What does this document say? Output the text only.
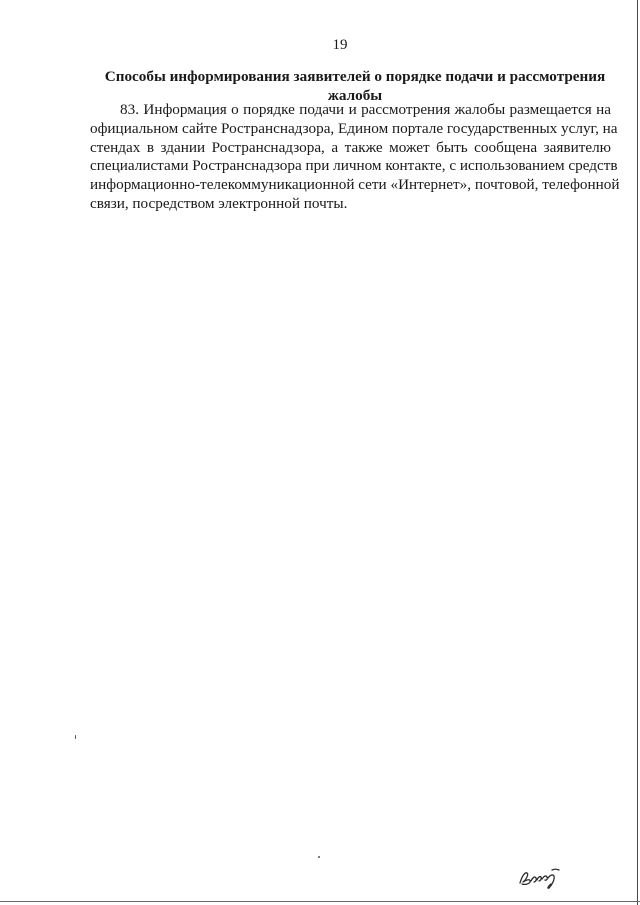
19
Способы информирования заявителей о порядке подачи и рассмотрения
жалобы
83. Информация о порядке подачи и рассмотрения жалобы размещается на
официальном сайте Ространснадзора, Едином портале государственных услуг, на
стендах в здании Ространснадзора, а также может быть сообщена заявителю
специалистами Ространснадзора при личном контакте, с использованием средств
информационно-телекоммуникационной сети «Интернет», почтовой, телефонной
связи, посредством электронной почты.
